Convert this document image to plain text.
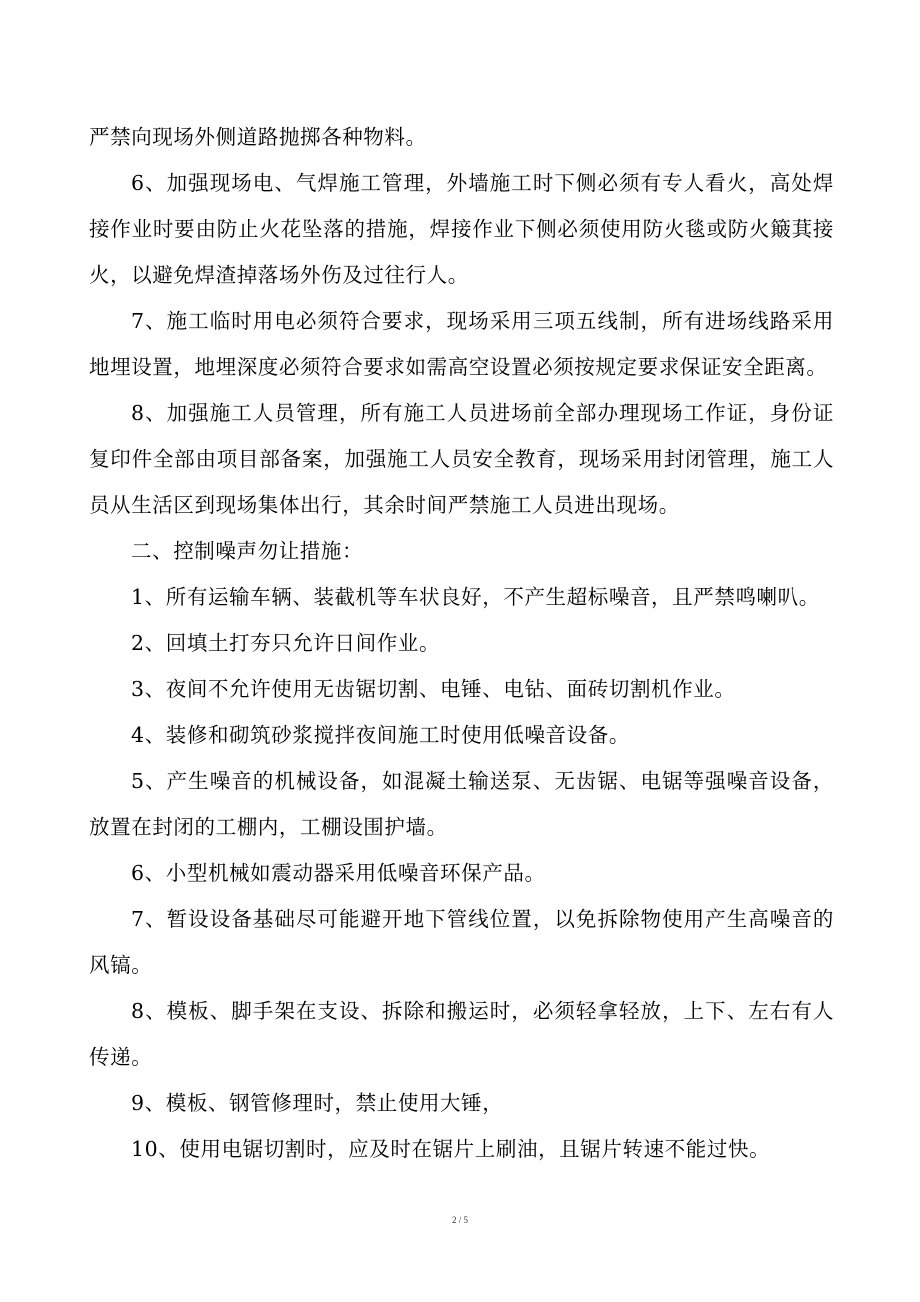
严禁向现场外侧道路抛掷各种物料。

6、加强现场电、气焊施工管理，外墙施工时下侧必须有专人看火，高处焊接作业时要由防止火花坠落的措施，焊接作业下侧必须使用防火毯或防火簸萁接火，以避免焊渣掉落场外伤及过往行人。

7、施工临时用电必须符合要求，现场采用三项五线制，所有进场线路采用地埋设置，地埋深度必须符合要求如需高空设置必须按规定要求保证安全距离。

8、加强施工人员管理，所有施工人员进场前全部办理现场工作证，身份证复印件全部由项目部备案，加强施工人员安全教育，现场采用封闭管理，施工人员从生活区到现场集体出行，其余时间严禁施工人员进出现场。

二、控制噪声勿让措施：

1、所有运输车辆、装截机等车状良好，不产生超标噪音，且严禁鸣喇叭。

2、回填土打夯只允许日间作业。

3、夜间不允许使用无齿锯切割、电锤、电钻、面砖切割机作业。

4、装修和砌筑砂浆搅拌夜间施工时使用低噪音设备。

5、产生噪音的机械设备，如混凝土输送泵、无齿锯、电锯等强噪音设备，放置在封闭的工棚内，工棚设围护墙。

6、小型机械如震动器采用低噪音环保产品。

7、暂设设备基础尽可能避开地下管线位置，以免拆除物使用产生高噪音的风镐。

8、模板、脚手架在支设、拆除和搬运时，必须轻拿轻放，上下、左右有人传递。

9、模板、钢管修理时，禁止使用大锤，

10、使用电锯切割时，应及时在锯片上刷油，且锯片转速不能过快。

2 / 5
